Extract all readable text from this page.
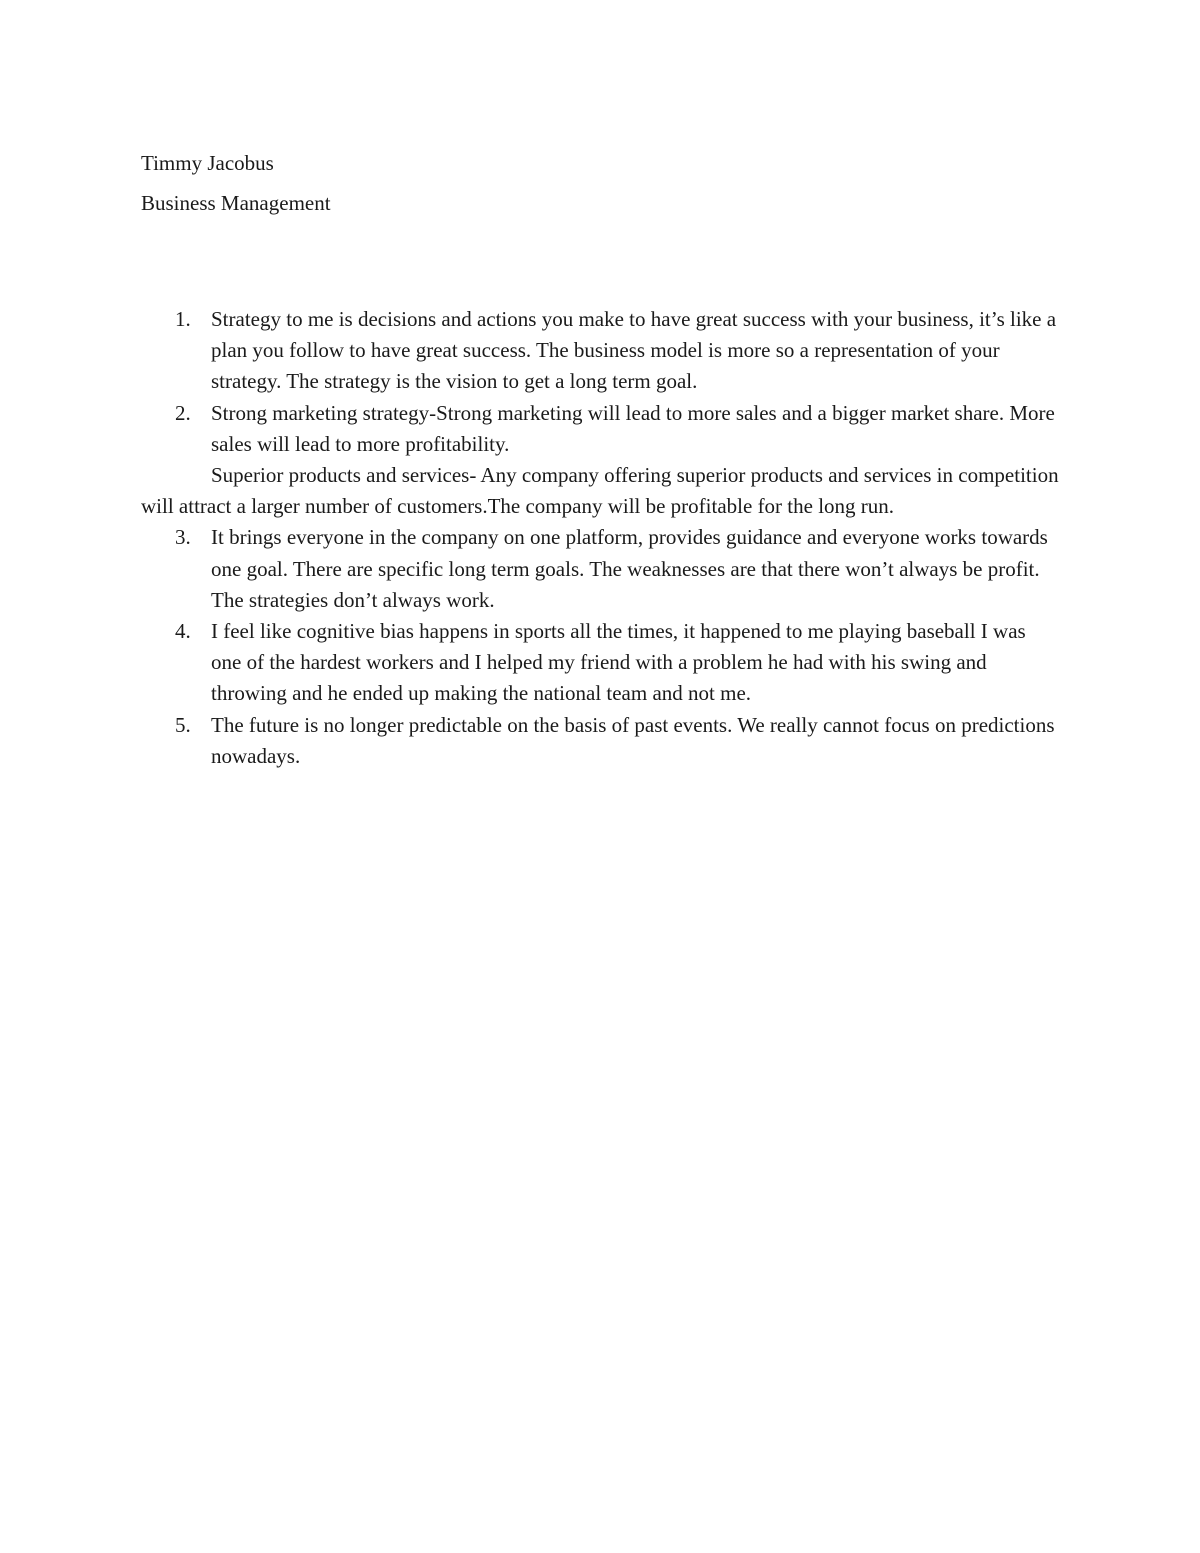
Timmy Jacobus
Business Management
1. Strategy to me is decisions and actions you make to have great success with your business, it’s like a plan you follow to have great success. The business model is more so a representation of your strategy. The strategy is the vision to get a long term goal.
2. Strong marketing strategy-Strong marketing will lead to more sales and a bigger market share. More sales will lead to more profitability.

Superior products and services- Any company offering superior products and services in competition will attract a larger number of customers.The company will be profitable for the long run.

3. It brings everyone in the company on one platform, provides guidance and everyone works towards one goal. There are specific long term goals. The weaknesses are that there won’t always be profit. The strategies don’t always work.
4. I feel like cognitive bias happens in sports all the times, it happened to me playing baseball I was one of the hardest workers and I helped my friend with a problem he had with his swing and throwing and he ended up making the national team and not me.
5. The future is no longer predictable on the basis of past events. We really cannot focus on predictions nowadays.
